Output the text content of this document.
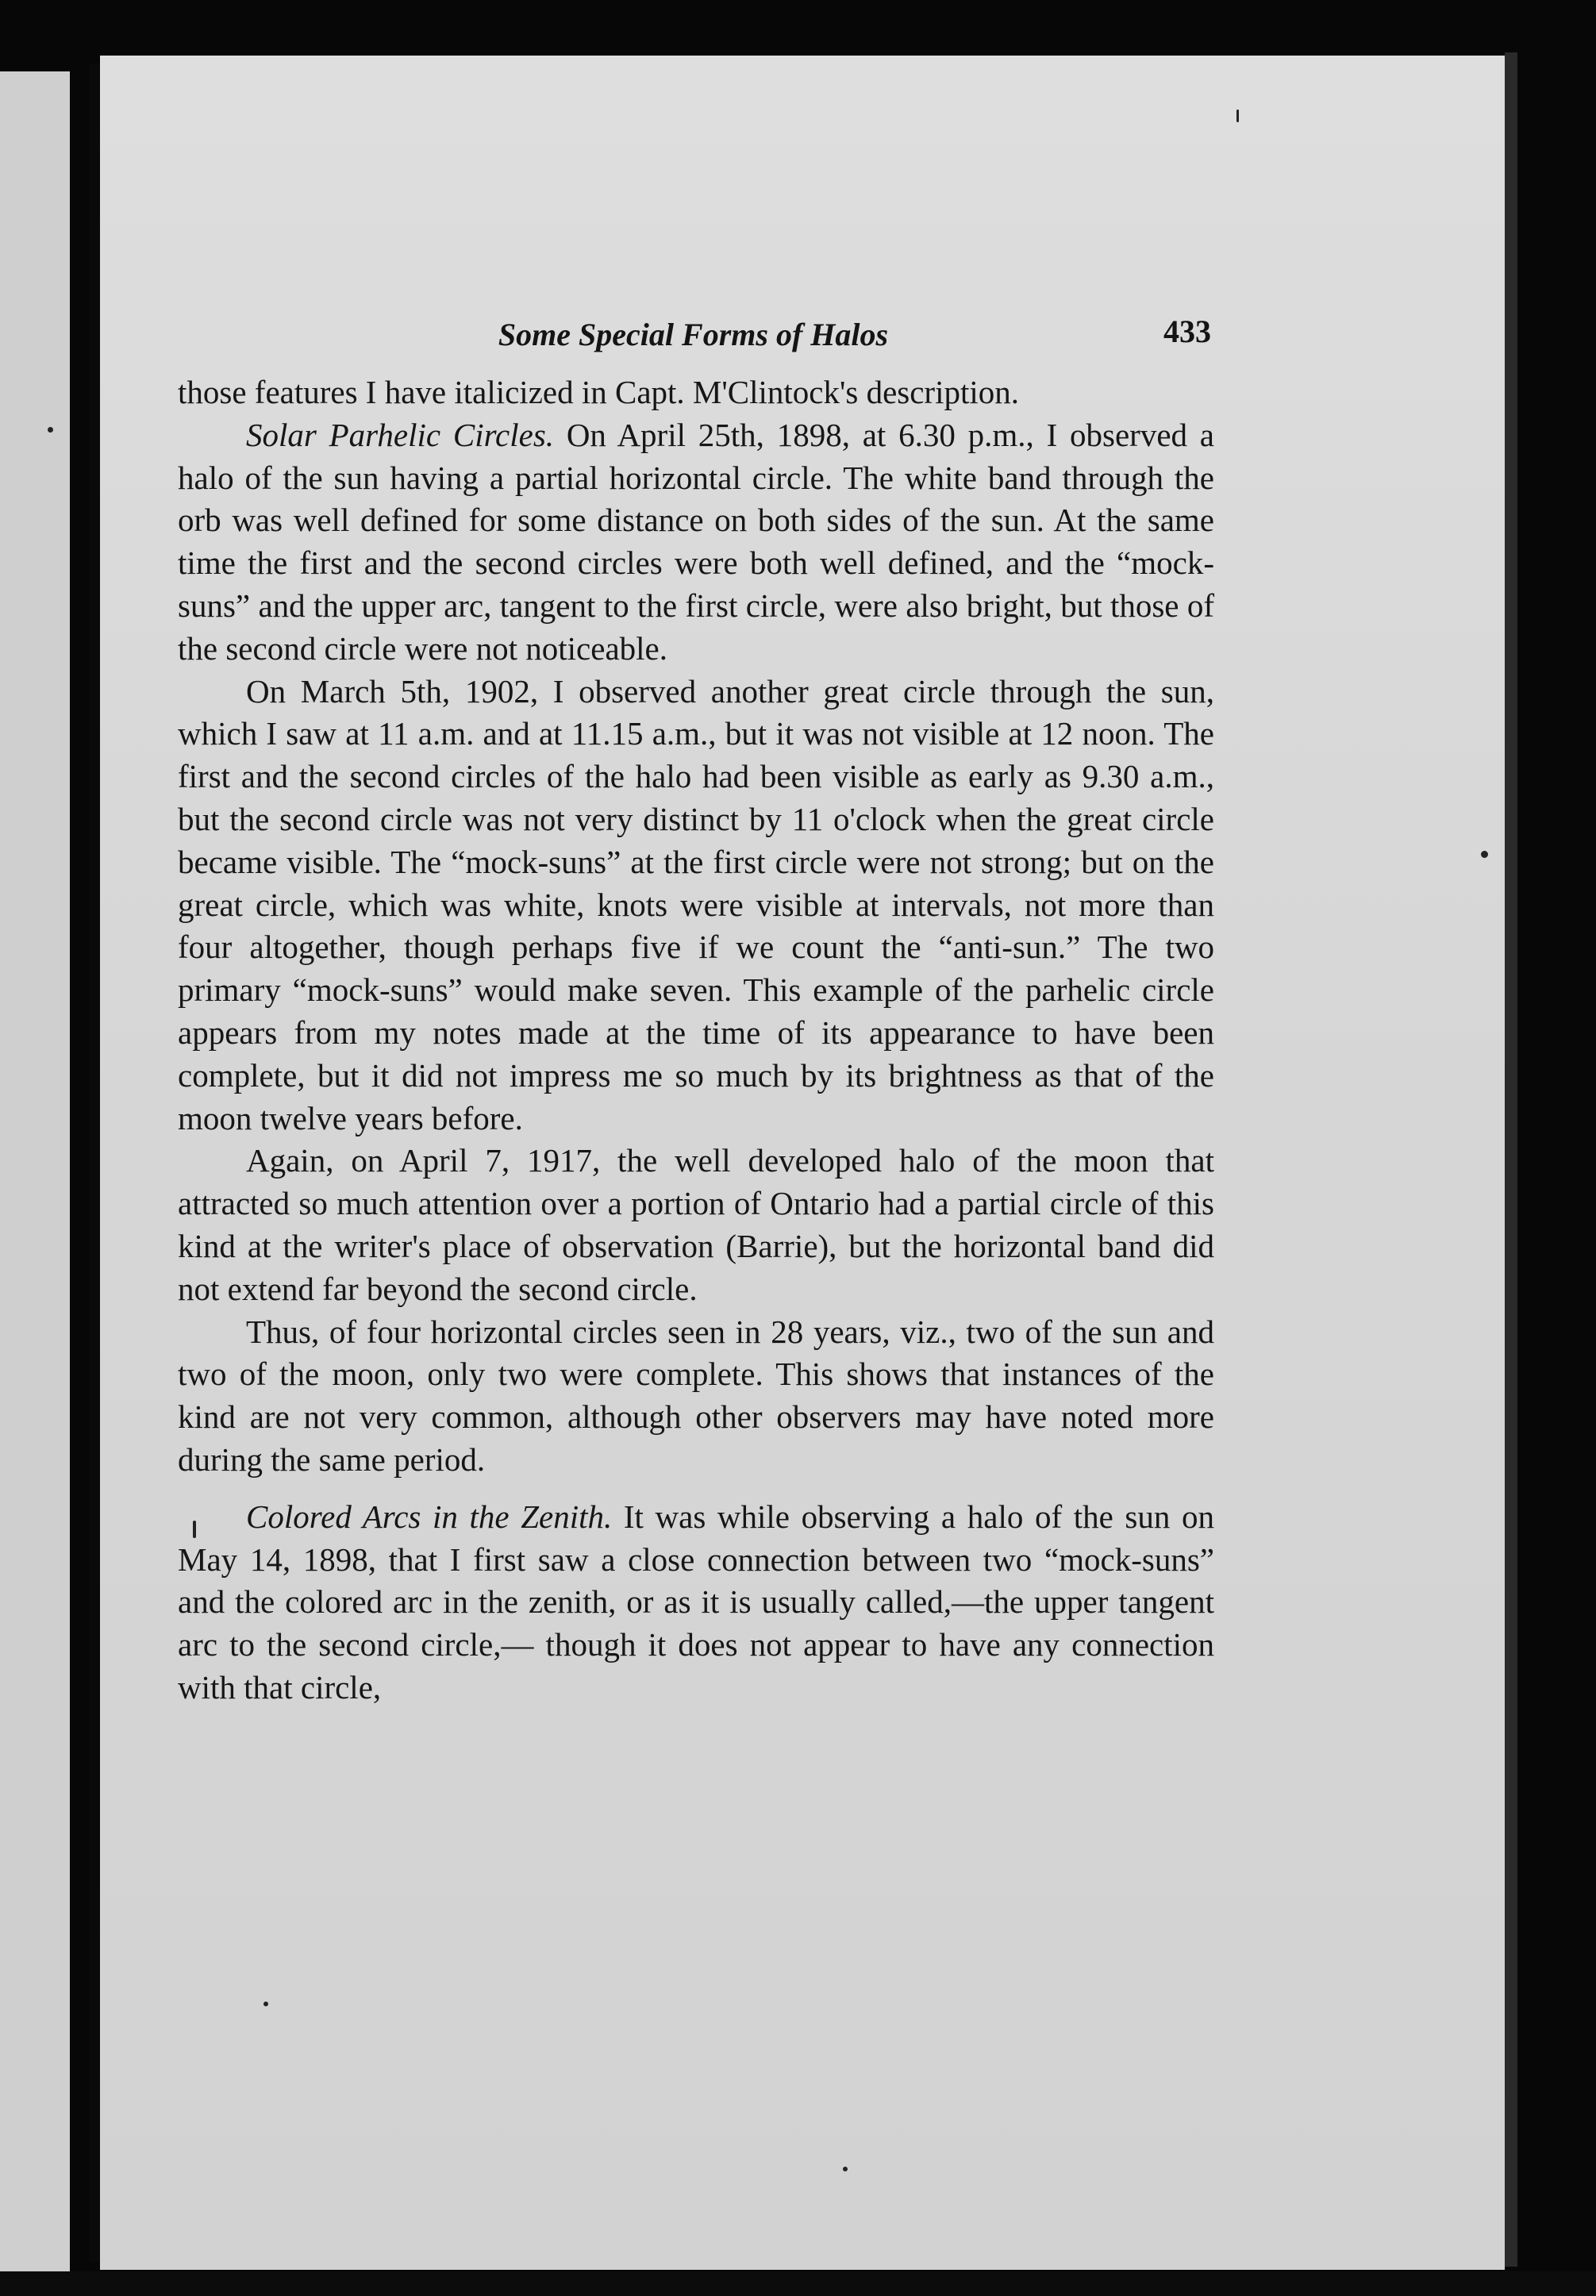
Some Special Forms of Halos	433

those features I have italicized in Capt. M'Clintock's description.

Solar Parhelic Circles. On April 25th, 1898, at 6.30 p.m., I observed a halo of the sun having a partial horizontal circle. The white band through the orb was well defined for some distance on both sides of the sun. At the same time the first and the second circles were both well defined, and the “mock-suns” and the upper arc, tangent to the first circle, were also bright, but those of the second circle were not noticeable.

On March 5th, 1902, I observed another great circle through the sun, which I saw at 11 a.m. and at 11.15 a.m., but it was not visible at 12 noon. The first and the second circles of the halo had been visible as early as 9.30 a.m., but the second circle was not very distinct by 11 o'clock when the great circle became visible. The “mock-suns” at the first circle were not strong; but on the great circle, which was white, knots were visible at intervals, not more than four altogether, though perhaps five if we count the “anti-sun.” The two primary “mock-suns” would make seven. This example of the parhelic circle appears from my notes made at the time of its appearance to have been complete, but it did not impress me so much by its brightness as that of the moon twelve years before.

Again, on April 7, 1917, the well developed halo of the moon that attracted so much attention over a portion of Ontario had a partial circle of this kind at the writer's place of observation (Barrie), but the horizontal band did not extend far beyond the second circle.

Thus, of four horizontal circles seen in 28 years, viz., two of the sun and two of the moon, only two were complete. This shows that instances of the kind are not very common, although other observers may have noted more during the same period.

Colored Arcs in the Zenith. It was while observing a halo of the sun on May 14, 1898, that I first saw a close connection between two “mock-suns” and the colored arc in the zenith, or as it is usually called,—the upper tangent arc to the second circle,— though it does not appear to have any connection with that circle,
